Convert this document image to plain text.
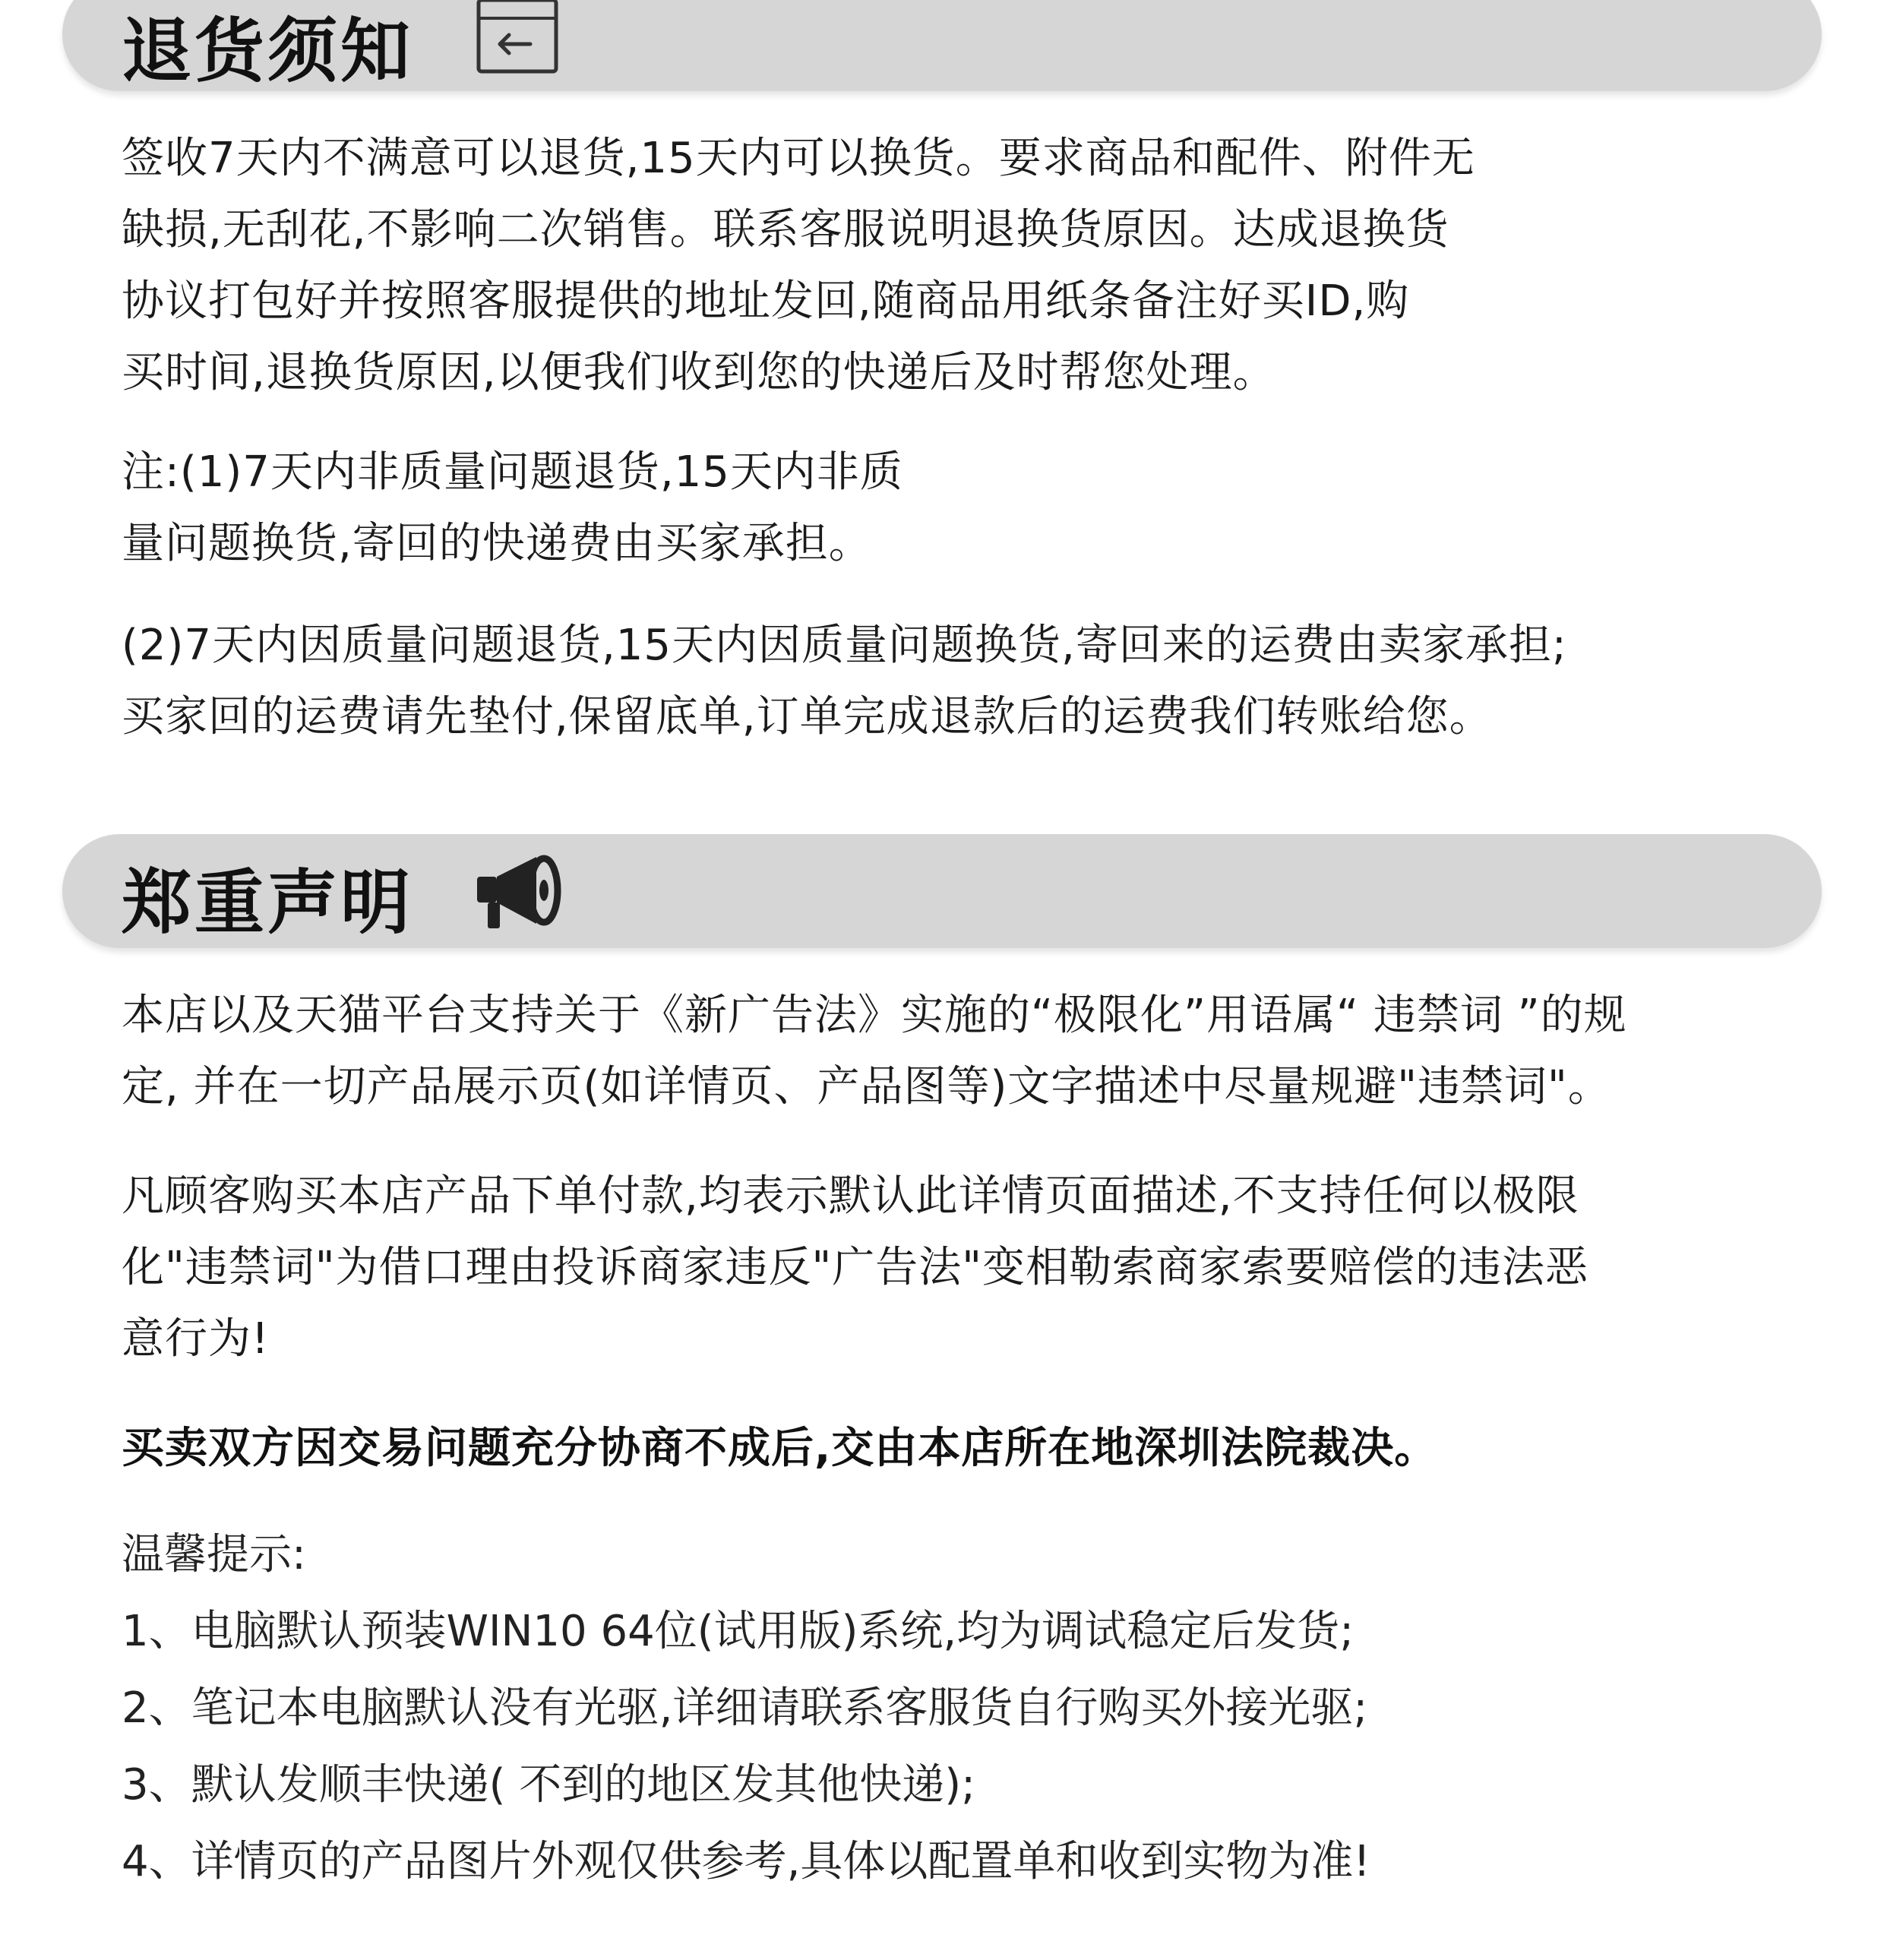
退货须知
签收7天内不满意可以退货,15天内可以换货。要求商品和配件、附件无
缺损,无刮花,不影响二次销售。联系客服说明退换货原因。达成退换货
协议打包好并按照客服提供的地址发回,随商品用纸条备注好买ID,购
买时间,退换货原因,以便我们收到您的快递后及时帮您处理。
注:(1)7天内非质量问题退货,15天内非质
量问题换货,寄回的快递费由买家承担。
(2)7天内因质量问题退货,15天内因质量问题换货,寄回来的运费由卖家承担;
买家回的运费请先垫付,保留底单,订单完成退款后的运费我们转账给您。
郑重声明
本店以及天猫平台支持关于《新广告法》实施的“极限化”用语属“ 违禁词 ”的规
定, 并在一切产品展示页(如详情页、产品图等)文字描述中尽量规避"违禁词"。
凡顾客购买本店产品下单付款,均表示默认此详情页面描述,不支持任何以极限
化"违禁词"为借口理由投诉商家违反"广告法"变相勒索商家索要赔偿的违法恶
意行为!
买卖双方因交易问题充分协商不成后,交由本店所在地深圳法院裁决。
温馨提示:
1、电脑默认预装WIN10 64位(试用版)系统,均为调试稳定后发货;
2、笔记本电脑默认没有光驱,详细请联系客服货自行购买外接光驱;
3、默认发顺丰快递( 不到的地区发其他快递);
4、详情页的产品图片外观仅供参考,具体以配置单和收到实物为准!
